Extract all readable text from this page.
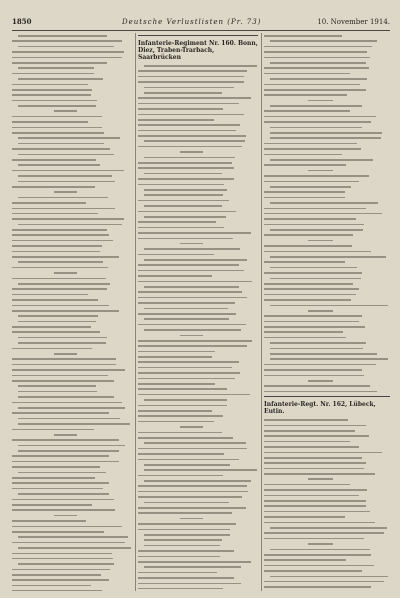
1850	Deutsche Verlustlisten (Pr. 73)	10. November 1914.
Infanterie-Regiment Nr. 160. Bonn, Diez, Traben-Trarbach, Saarbrücken
Infanterie-Regt. Nr. 162, Lübeck, Eutin.
